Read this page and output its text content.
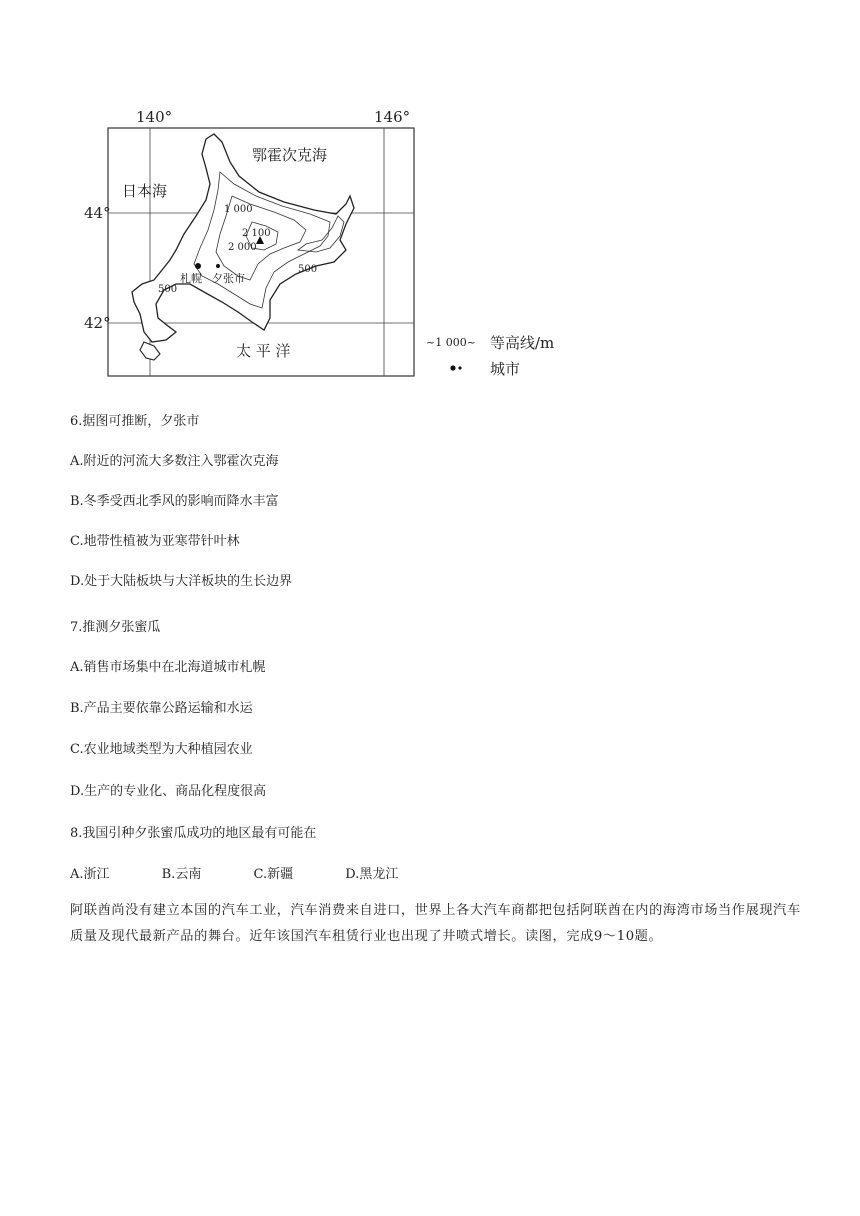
140°	146°
44°
42°
鄂霍次克海
日本海
太 平 洋
1 000
2 100
2 000
500
500
札幌 夕张市
~1 000~ 等高线/m
城市
6.据图可推断，夕张市
A.附近的河流大多数注入鄂霍次克海
B.冬季受西北季风的影响而降水丰富
C.地带性植被为亚寒带针叶林
D.处于大陆板块与大洋板块的生长边界
7.推测夕张蜜瓜
A.销售市场集中在北海道城市札幌
B.产品主要依靠公路运输和水运
C.农业地域类型为大种植园农业
D.生产的专业化、商品化程度很高
8.我国引种夕张蜜瓜成功的地区最有可能在
A.浙江	B.云南	C.新疆	D.黑龙江
阿联酋尚没有建立本国的汽车工业，汽车消费来自进口，世界上各大汽车商都把包括阿联酋在内的海湾市场当作展现汽车质量及现代最新产品的舞台。近年该国汽车租赁行业也出现了井喷式增长。读图，完成9～10题。
